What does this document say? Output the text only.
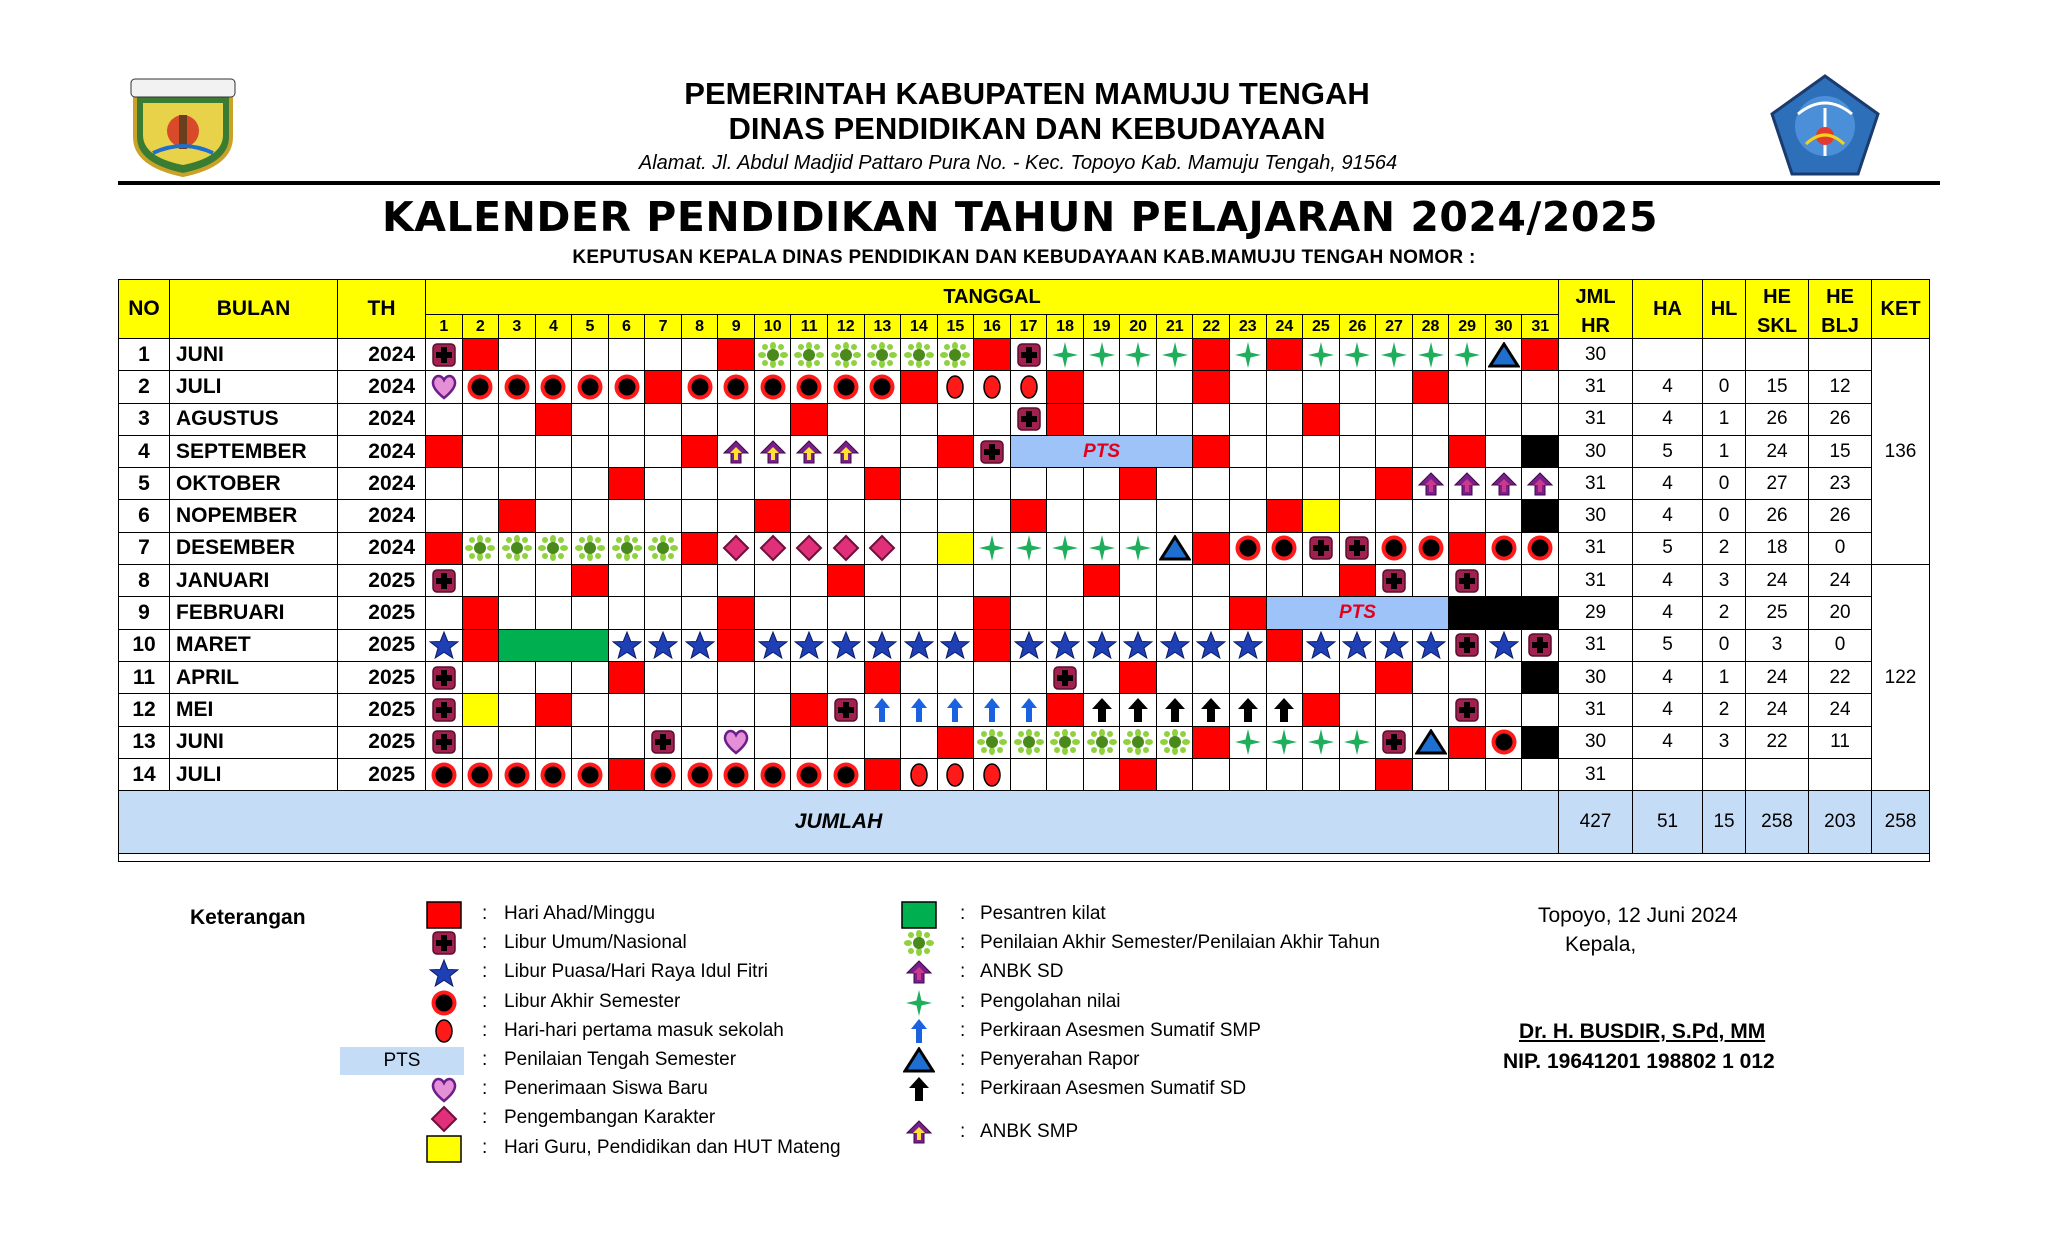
PEMERINTAH KABUPATEN MAMUJU TENGAH
DINAS PENDIDIKAN DAN KEBUDAYAAN
Alamat. Jl. Abdul Madjid Pattaro Pura No. - Kec. Topoyo Kab. Mamuju Tengah, 91564
KALENDER PENDIDIKAN TAHUN PELAJARAN 2024/2025
KEPUTUSAN KEPALA DINAS PENDIDIKAN DAN KEBUDAYAAN KAB.MAMUJU TENGAH NOMOR :
NO	BULAN	TH	TANGGAL																															JML	HA	HL	HE	HE	KET
			1	2	3	4	5	6	7	8	9	10	11	12	13	14	15	16	17	18	19	20	21	22	23	24	25	26	27	28	29	30	31	HR			SKL	BLJ	
1	JUNI	2024																																30					136
2	JULI	2024																																31	4	0	15	12	
3	AGUSTUS	2024																																31	4	1	26	26	
4	SEPTEMBER	2024																	PTS															30	5	1	24	15	
5	OKTOBER	2024																																31	4	0	27	23	
6	NOPEMBER	2024																																30	4	0	26	26	
7	DESEMBER	2024																																31	5	2	18	0	
8	JANUARI	2025																																31	4	3	24	24	122
9	FEBRUARI	2025																								PTS								29	4	2	25	20	
10	MARET	2025																																31	5	0	3	0	
11	APRIL	2025																																30	4	1	24	22	
12	MEI	2025																																31	4	2	24	24	
13	JUNI	2025																																30	4	3	22	11	
14	JULI	2025																																31					
JUMLAH																																		427	51	15	258	203	258

Keterangan	: Hari Ahad/Minggu
: Libur Umum/Nasional
: Libur Puasa/Hari Raya Idul Fitri
: Libur Akhir Semester
: Hari-hari pertama masuk sekolah
PTS	: Penilaian Tengah Semester
: Penerimaan Siswa Baru
: Pengembangan Karakter
: Hari Guru, Pendidikan dan HUT Mateng
: Pesantren kilat
: Penilaian Akhir Semester/Penilaian Akhir Tahun
: ANBK SD
: Pengolahan nilai
: Perkiraan Asesmen Sumatif SMP
: Penyerahan Rapor
: Perkiraan Asesmen Sumatif SD
: ANBK SMP
Topoyo, 12 Juni 2024
Kepala,
Dr. H. BUSDIR, S.Pd, MM
NIP. 19641201 198802 1 012
